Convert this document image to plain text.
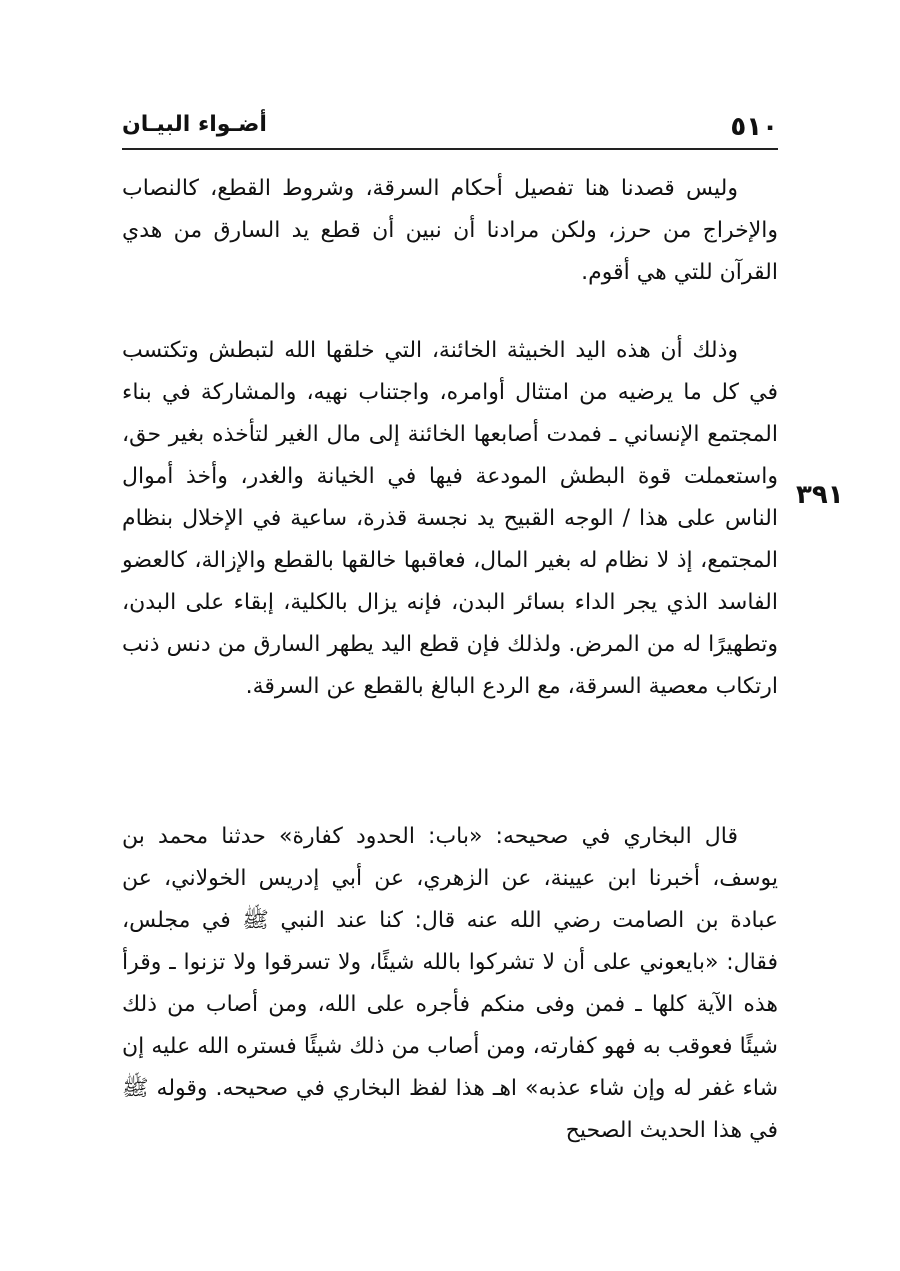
٥١٠
أضـواء البيـان
٣٩١

وليس قصدنا هنا تفصيل أحكام السرقة، وشروط القطع، كالنصاب والإخراج من حرز، ولكن مرادنا أن نبين أن قطع يد السارق من هدي القرآن للتي هي أقوم.

وذلك أن هذه اليد الخبيثة الخائنة، التي خلقها الله لتبطش وتكتسب في كل ما يرضيه من امتثال أوامره، واجتناب نهيه، والمشاركة في بناء المجتمع الإنساني ـ فمدت أصابعها الخائنة إلى مال الغير لتأخذه بغير حق، واستعملت قوة البطش المودعة فيها في الخيانة والغدر، وأخذ أموال الناس على هذا / الوجه القبيح يد نجسة قذرة، ساعية في الإخلال بنظام المجتمع، إذ لا نظام له بغير المال، فعاقبها خالقها بالقطع والإزالة، كالعضو الفاسد الذي يجر الداء بسائر البدن، فإنه يزال بالكلية، إبقاء على البدن، وتطهيرًا له من المرض. ولذلك فإن قطع اليد يطهر السارق من دنس ذنب ارتكاب معصية السرقة، مع الردع البالغ بالقطع عن السرقة.

قال البخاري في صحيحه: «باب: الحدود كفارة» حدثنا محمد بن يوسف، أخبرنا ابن عيينة، عن الزهري، عن أبي إدريس الخولاني، عن عبادة بن الصامت رضي الله عنه قال: كنا عند النبي ﷺ في مجلس، فقال: «بايعوني على أن لا تشركوا بالله شيئًا، ولا تسرقوا ولا تزنوا ـ وقرأ هذه الآية كلها ـ فمن وفى منكم فأجره على الله، ومن أصاب من ذلك شيئًا فعوقب به فهو كفارته، ومن أصاب من ذلك شيئًا فستره الله عليه إن شاء غفر له وإن شاء عذبه» اهـ هذا لفظ البخاري في صحيحه. وقوله ﷺ في هذا الحديث الصحيح
